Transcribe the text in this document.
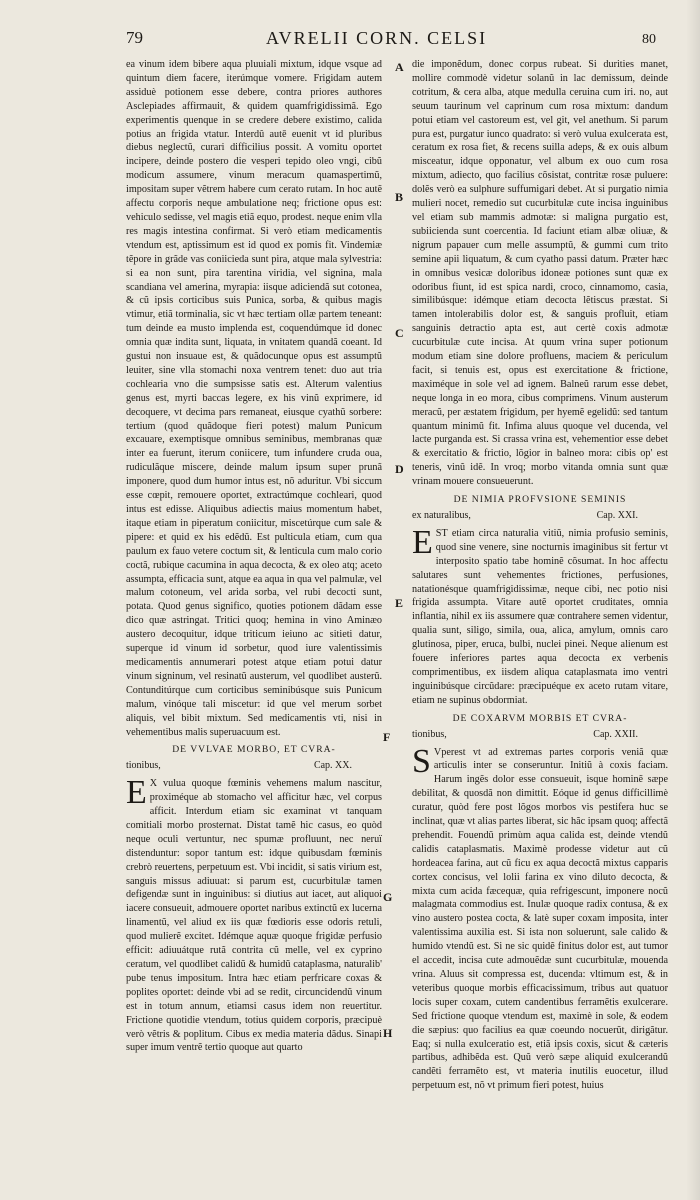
79	AVRELII CORN. CELSI	80
A
B
C
D
E
F
G
H

ea vinum idem bibere aqua pluuiali mixtum, idque vsque ad quintum diem facere, iterúmque vomere. Frigidam autem assiduè potionem esse debere, contra priores authores Asclepiades affirmauit, & quidem quamfrigidissimã. Ego experimentis quenque in se credere debere existimo, calida potius an frigida vtatur. Interdû autē euenit vt id pluribus diebus neglectũ, curari difficilius possit. A vomitu oportet incipere, deinde postero die vesperi tepido oleo vngi, cibũ modicum assumere, vinum meracum quamaspertimũ, impositam super vẽtrem habere cum cerato rutam. In hoc autẽ affectu corporis neque ambulatione neq; frictione opus est: vehiculo sedisse, vel magis etiã equo, prodest. neque enim vlla res magis intestina confirmat. Si verò etiam medicamentis vtendum est, aptissimum est id quod ex pomis fit. Vindemiæ tẽpore in grãde vas coniicieda sunt pira, atque mala sylvestria: si ea non sunt, pira tarentina viridia, vel signina, mala scandiana vel amerina, myrapia: iisque adiciendã sut cotonea, & cũ ipsis corticibus suis Punica, sorba, & quibus magis vtimur, etiã torminalia, sic vt hæc tertiam ollæ partem teneant: tum deinde ea musto implenda est, coquendúmque id donec omnia quæ indita sunt, liquata, in vnitatem quandã coeant. Id gustui non insuaue est, & quãdocunque opus est assumptũ leuiter, sine vlla stomachi noxa ventrem tenet: duo aut tria cochlearia vno die sumpsisse satis est. Alterum valentius genus est, myrti baccas legere, ex his vinũ exprimere, id decoquere, vt decima pars remaneat, eiusque cyathũ sorbere: tertium (quod quãdoque fieri potest) malum Punicum excauare, exemptisque omnibus seminibus, membranas quæ inter ea fuerunt, iterum coniicere, tum infundere cruda oua, rudiculãque miscere, deinde malum ipsum super prunã imponere, quod dum humor intus est, nõ aduritur. Vbi siccum esse cœpit, remouere oportet, extractúmque cochleari, quod intus est edisse. Aliquibus adiectis maius momentum habet, itaque etiam in piperatum coniicitur, miscetúrque cum sale & pipere: et quid ex his edẽdũ. Est pulticula etiam, cum qua paulum ex fauo vetere coctum sit, & lenticula cum malo corio coctã, rubique cacumina in aqua decocta, & ex oleo atq; aceto assumpta, efficacia sunt, atque ea aqua in qua vel palmulæ, vel malum cotoneum, vel arida sorba, vel rubi decocti sunt, potata. Quod genus significo, quoties potionem dãdam esse dico quæ astringat. Tritici quoq; hemina in vino Aminæo austero decoquitur, idque triticum ieiuno ac sitieti datur, superque id vinum id sorbetur, quod iure valentissimis medicamentis annumerari potest atque etiam potui datur vinum signinum, vel resinatũ austerum, vel quodlibet austerũ. Contunditúrque cum corticibus seminibúsque suis Punicum malum, vinóque tali miscetur: id que vel merum sorbet aliquis, vel bibit mixtum. Sed medicamentis vti, nisi in vehementibus malis superuacuum est.

DE VVLVAE MORBO, ET CVRA-
tionibus,	Cap. XX.

E X vulua quoque fœminis vehemens malum nascitur, proximéque ab stomacho vel afficitur hæc, vel corpus afficit. Interdum etiam sic examinat vt tanquam comitiali morbo prosternat. Distat tamẽ hic casus, eo quòd neque oculi vertuntur, nec spumæ profluunt, nec neruï distenduntur: sopor tantum est: idque quibusdam fœminis crebrò reuertens, perpetuum est. Vbi incidit, si satis virium est, sanguis missus adiuuat: si parum est, cucurbitulæ tamen defigendæ sunt in inguinibus: si diutius aut iacet, aut aliquoi iacere consueuit, admouere oportet naribus extinctũ ex lucerna linamentũ, vel aliud ex iis quæ fœdioris esse odoris retuli, quod mulierẽ excitet. Idémque aquæ quoque frigidæ perfusio efficit: adiuuátque rutã contrita cũ melle, vel ex cyprino ceratum, vel quodlibet calidũ & humidũ cataplasma, naturalib' pube tenus impositum. Intra hæc etiam perfricare coxas & poplites oportet: deinde vbi ad se redit, circuncidendũ vinum est in totum annum, etiamsi casus idem non reuertitur. Frictione quotidie vtendum, totius quidem corporis, præcipuè verò vẽtris & poplitum. Cibus ex media materia dãdus. Sinapi super imum ventrẽ tertio quoque aut quarto

die imponẽdum, donec corpus rubeat. Si durities manet, mollire commodè videtur solanũ in lac demissum, deinde cotritum, & cera alba, atque medulla ceruina cum iri. no, aut seuum taurinum vel caprinum cum rosa mixtum: dandum potui etiam vel castoreum est, vel git, vel anethum. Si parum pura est, purgatur iunco quadrato: si verò vulua exulcerata est, ceratum ex rosa fiet, & recens suilla adeps, & ex ouis album misceatur, idque opponatur, vel album ex ouo cum rosa mixtum, adiecto, quo facilius cõsistat, contritæ rosæ puluere: dolẽs verò ea sulphure suffumigari debet. At si purgatio nimia mulieri nocet, remedio sut cucurbitulæ cute incisa inguinibus vel etiam sub mammis admotæ: si maligna purgatio est, subiicienda sunt coercentia. Id faciunt etiam albæ oliuæ, & nigrum papauer cum melle assumptũ, & gummi cum trito semine apii liquatum, & cum cyatho passi datum. Præter hæc in omnibus vesicæ doloribus idoneæ potiones sunt quæ ex odoribus fiunt, id est spica nardi, croco, cinnamomo, casia, similibúsque: idémque etiam decocta lẽtiscus præstat. Si tamen intolerabilis dolor est, & sanguis profluit, etiam sanguinis detractio apta est, aut certè coxis admotæ cucurbitulæ cute incisa. At quum vrina super potionum modum etiam sine dolore profluens, maciem & periculum facit, si tenuis est, opus est exercitatione & frictione, maximéque in sole vel ad ignem. Balneũ rarum esse debet, neque longa in eo mora, cibus comprimens. Vinum austerum meracũ, per æstatem frigidum, per hyemẽ egelidũ: sed tantum quantum minimũ fit. Infima aluus quoque vel ducenda, vel lacte purganda est. Si crassa vrina est, vehementior esse debet & exercitatio & frictio, lõgior in balneo mora: cibis op' est teneris, vinũ idẽ. In vroq; morbo vitanda omnia sunt quæ vrinam mouere consueuerunt.

DE NIMIA PROFVSIONE SEMINIS
ex naturalibus,	Cap. XXI.

EST etiam circa naturalia vitiũ, nimia profusio seminis, quod sine venere, sine nocturnis imaginibus sit fertur vt interposito spatio tabe hominẽ cõsumat. In hoc affectu salutares sunt vehementes frictiones, perfusiones, natationésque quamfrigidissimæ, neque cibi, nec potio nisi frigida assumpta. Vitare autẽ oportet cruditates, omnia inflantia, nihil ex iis assumere quæ contrahere semen videntur, qualia sunt, siligo, simila, oua, alica, amylum, omnis caro glutinosa, piper, eruca, bulbi, nuclei pinei. Neque alienum est fouere inferiores partes aqua decocta ex verbenis comprimentibus, ex iisdem aliqua cataplasmata imo ventri inguinibúsque circũdare: præcipuéque ex aceto rutam vitare, etiam ne supinus obdormiat.

DE COXARVM MORBIS ET CVRA-
tionibus,	Cap. XXII.

S Vperest vt ad extremas partes corporis veniã quæ articulis inter se conseruntur. Initiũ à coxis faciam. Harum ingẽs dolor esse consueuit, isque hominẽ sæpe debilitat, & quosdã non dimittit. Eóque id genus difficillimè curatur, quòd fere post lõgos morbos vis pestifera huc se inclinat, quæ vt alias partes liberat, sic hãc ipsam quoq; affectã prehendit. Fouendũ primùm aqua calida est, deinde vtendũ calidis cataplasmatis. Maximè prodesse videtur aut cũ hordeacea farina, aut cũ ficu ex aqua decoctã mixtus capparis cortex concisus, vel lolii farina ex vino diluto decocta, & mixta cum acida fæcequæ, quia refrigescunt, imponere nocũ malagmata commodius est. Inulæ quoque radix contusa, & ex vino austero postea cocta, & latè super coxam imposita, inter valentissima auxilia est. Si ista non soluerunt, sale calido & humido vtendũ est. Si ne sic quidẽ finitus dolor est, aut tumor el accedit, incisa cute admouẽdæ sunt cucurbitulæ, mouenda vrina. Aluus sit compressa est, ducenda: vltimum est, & in veteribus quoque morbis efficacissimum, tribus aut quatuor locis super coxam, cutem candentibus ferramẽtis exulcerare. Sed frictione quoque vtendum est, maximè in sole, & eodem die sæpius: quo facilius ea quæ coeundo nocuerũt, dirigãtur. Eaq; si nulla exulceratio est, etiã ipsis coxis, sicut & cæteris partibus, adhibẽda est. Quũ verò sæpe aliquid exulcerandũ candẽti ferramẽto est, vt materia inutilis euocetur, illud perpetuum est, nõ vt primum fieri potest, huius
